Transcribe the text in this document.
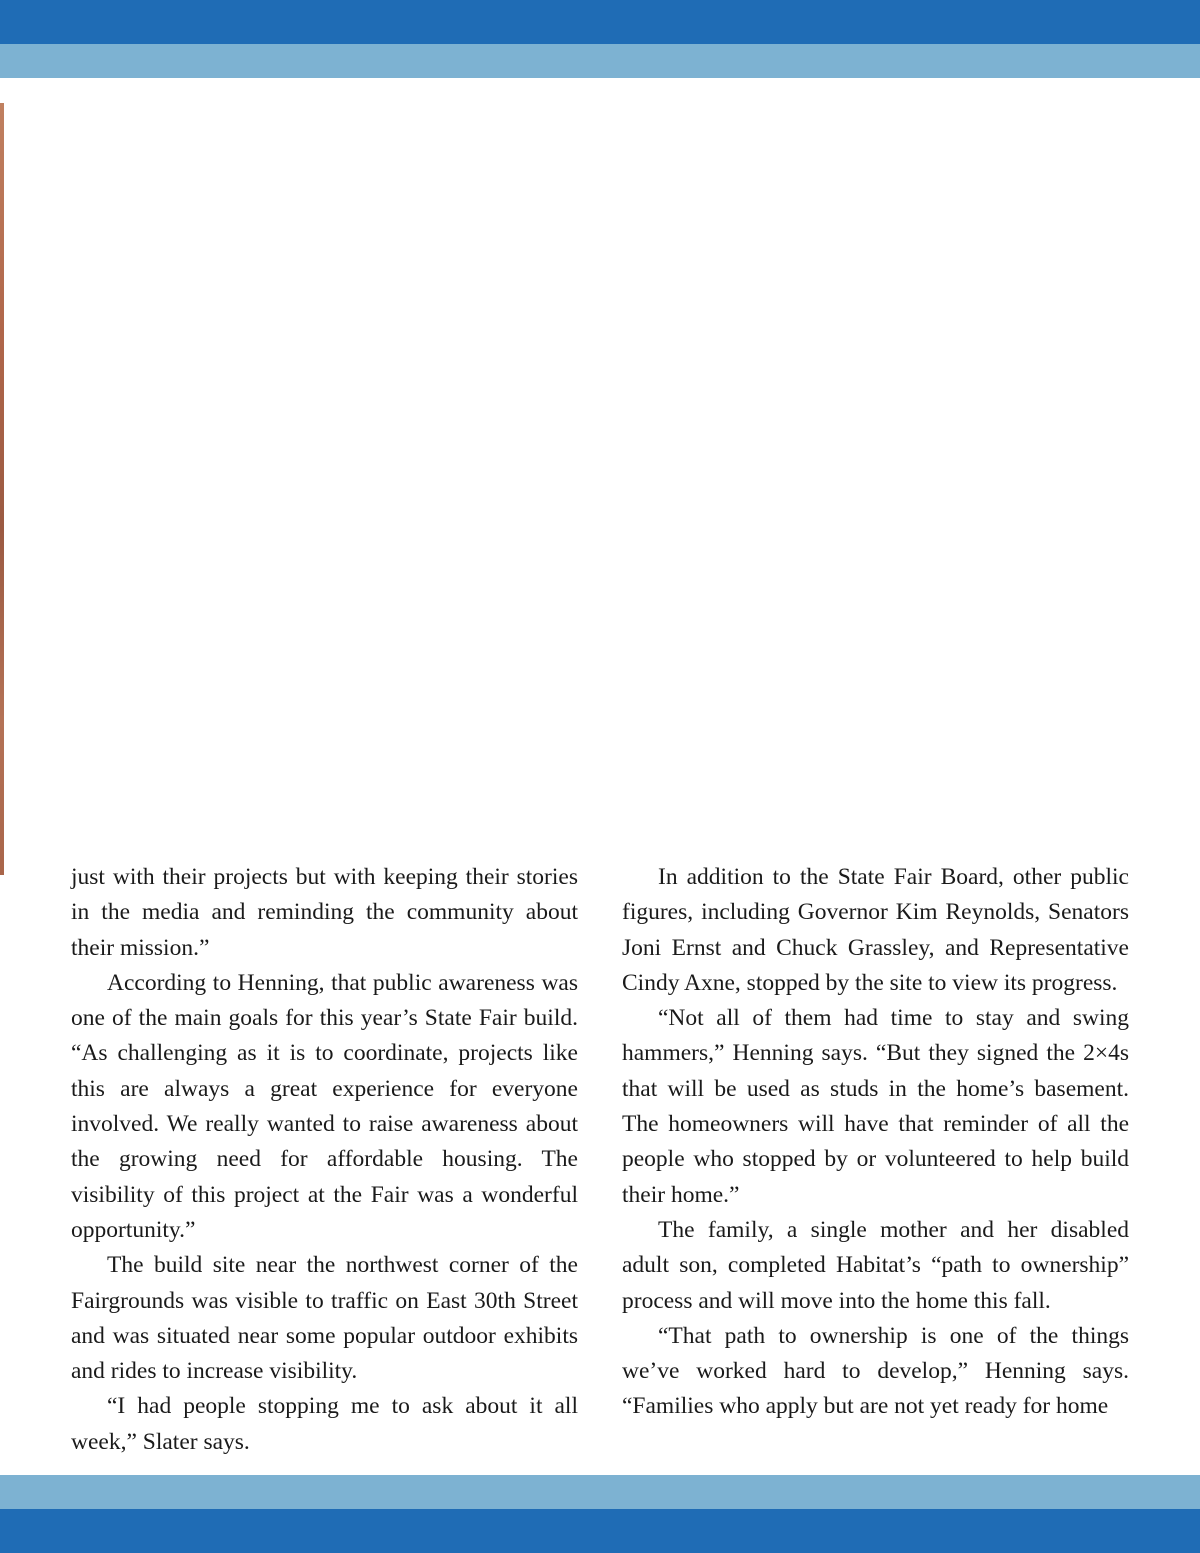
just with their projects but with keeping their stories in the media and reminding the community about their mission.”

According to Henning, that public awareness was one of the main goals for this year’s State Fair build. “As challenging as it is to coordinate, projects like this are always a great experience for everyone involved. We really wanted to raise awareness about the growing need for affordable housing. The visibility of this project at the Fair was a wonderful opportunity.”

The build site near the northwest corner of the Fairgrounds was visible to traffic on East 30th Street and was situated near some popular outdoor exhibits and rides to increase visibility.

“I had people stopping me to ask about it all week,” Slater says.

In addition to the State Fair Board, other public figures, including Governor Kim Reynolds, Senators Joni Ernst and Chuck Grassley, and Representative Cindy Axne, stopped by the site to view its progress.

“Not all of them had time to stay and swing hammers,” Henning says. “But they signed the 2×4s that will be used as studs in the home’s basement. The homeowners will have that reminder of all the people who stopped by or volunteered to help build their home.”

The family, a single mother and her disabled adult son, completed Habitat’s “path to ownership” process and will move into the home this fall.

“That path to ownership is one of the things we’ve worked hard to develop,” Henning says. “Families who apply but are not yet ready for home
